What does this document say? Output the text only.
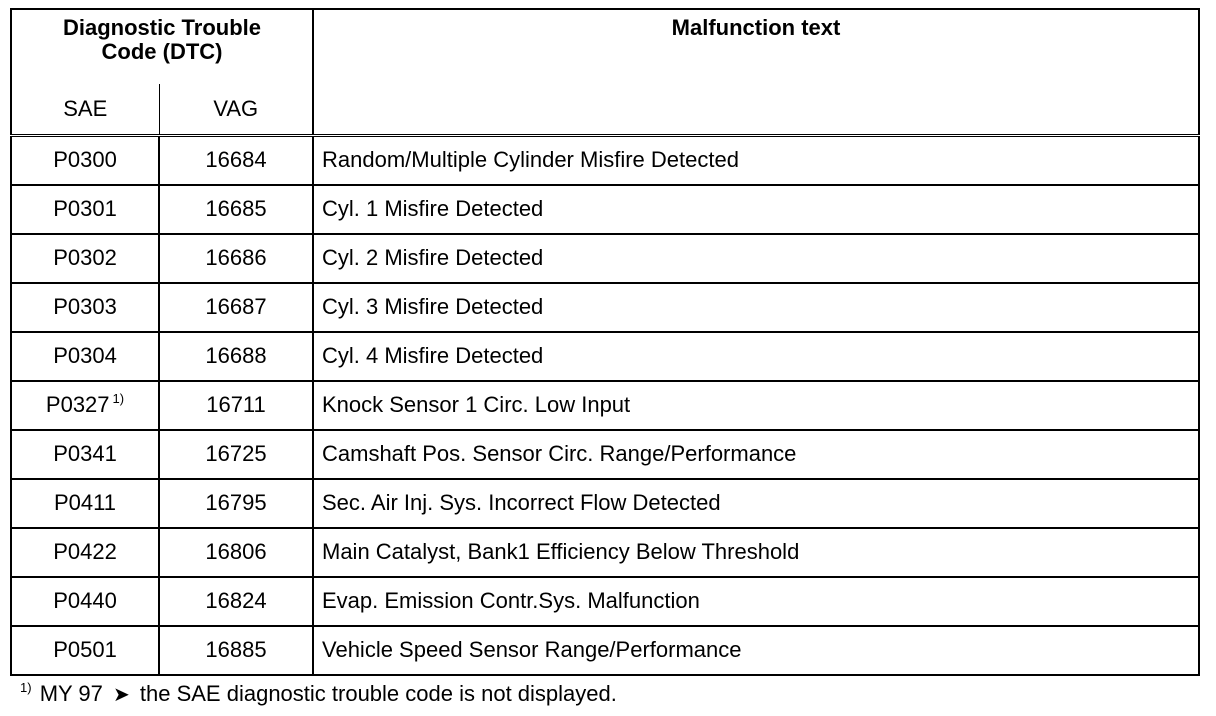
Diagnostic Trouble
Code (DTC)		Malfunction text
SAE	VAG	
P0300	16684	Random/Multiple Cylinder Misfire Detected
P0301	16685	Cyl. 1 Misfire Detected
P0302	16686	Cyl. 2 Misfire Detected
P0303	16687	Cyl. 3 Misfire Detected
P0304	16688	Cyl. 4 Misfire Detected
P0327 $^{1)}$	16711	Knock Sensor 1 Circ. Low Input
P0341	16725	Camshaft Pos. Sensor Circ. Range/Performance
P0411	16795	Sec. Air Inj. Sys. Incorrect Flow Detected
P0422	16806	Main Catalyst, Bank1 Efficiency Below Threshold
P0440	16824	Evap. Emission Contr.Sys. Malfunction
P0501	16885	Vehicle Speed Sensor Range/Performance
$^{1)}$ MY 97 ➤ the SAE diagnostic trouble code is not displayed.
